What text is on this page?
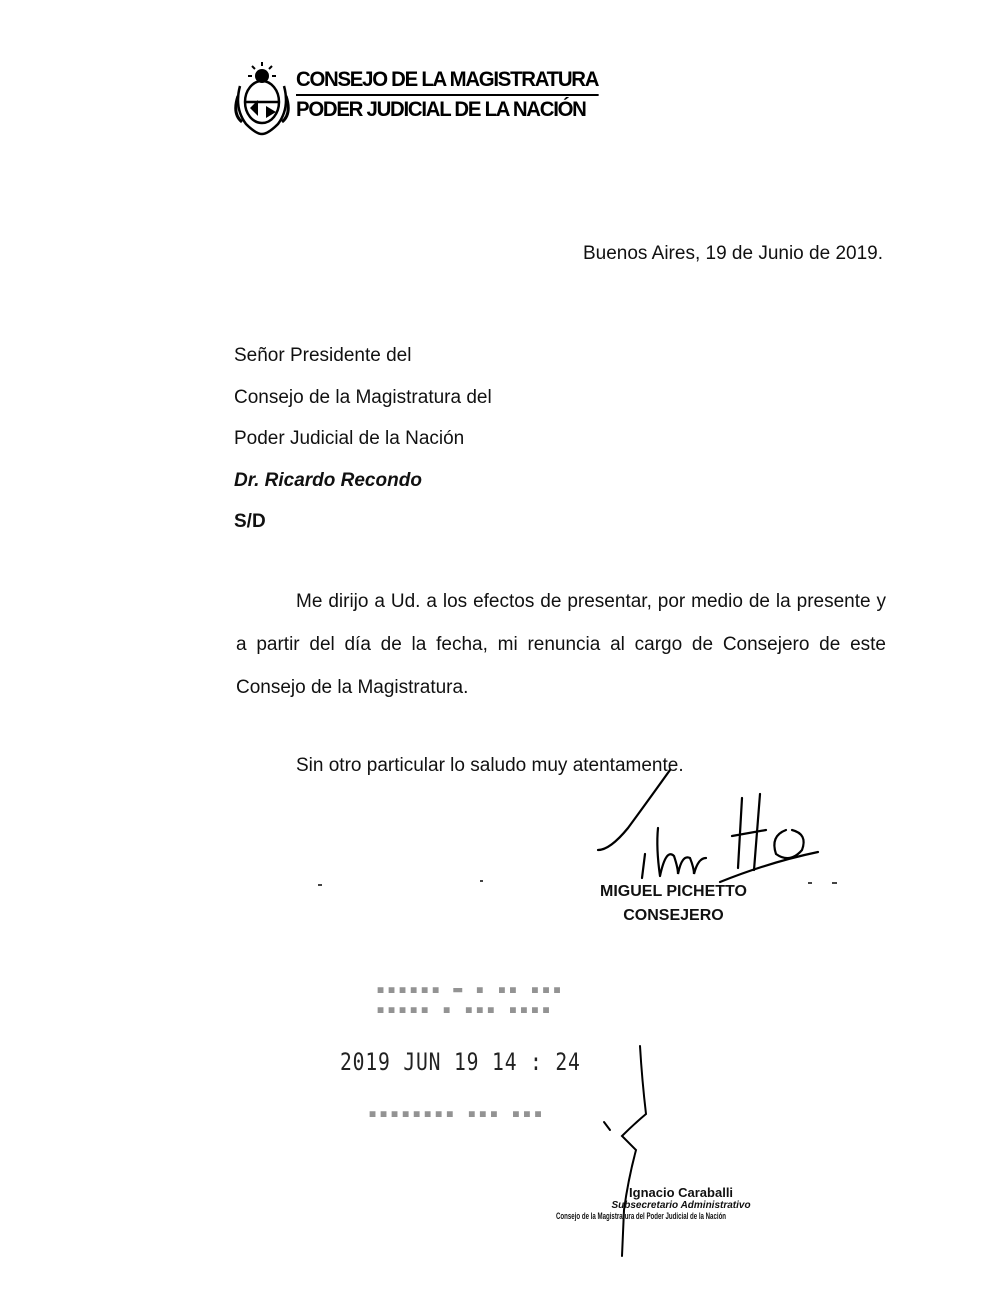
CONSEJO DE LA MAGISTRATURA
PODER JUDICIAL DE LA NACIÓN
Buenos Aires, 19 de Junio de 2019.
Señor Presidente del
Consejo de la Magistratura del
Poder Judicial de la Nación
Dr. Ricardo Recondo
S/D
Me dirijo a Ud. a los efectos de presentar, por medio de la presente y a partir del día de la fecha, mi renuncia al cargo de Consejero de este Consejo de la Magistratura.
Sin otro particular lo saludo muy atentamente.
MIGUEL PICHETTO
CONSEJERO
▪▪▪▪▪▪ ▬ ▪ ▪▪ ▪▪▪
▪▪▪▪▪ ▪ ▪▪▪ ▪▪▪▪
2019 JUN 19 14 : 24
▪▪▪▪▪▪▪▪ ▪▪▪ ▪▪▪
Ignacio Caraballi
Subsecretario Administrativo
Consejo de la Magistratura del Poder Judicial de la Nación
